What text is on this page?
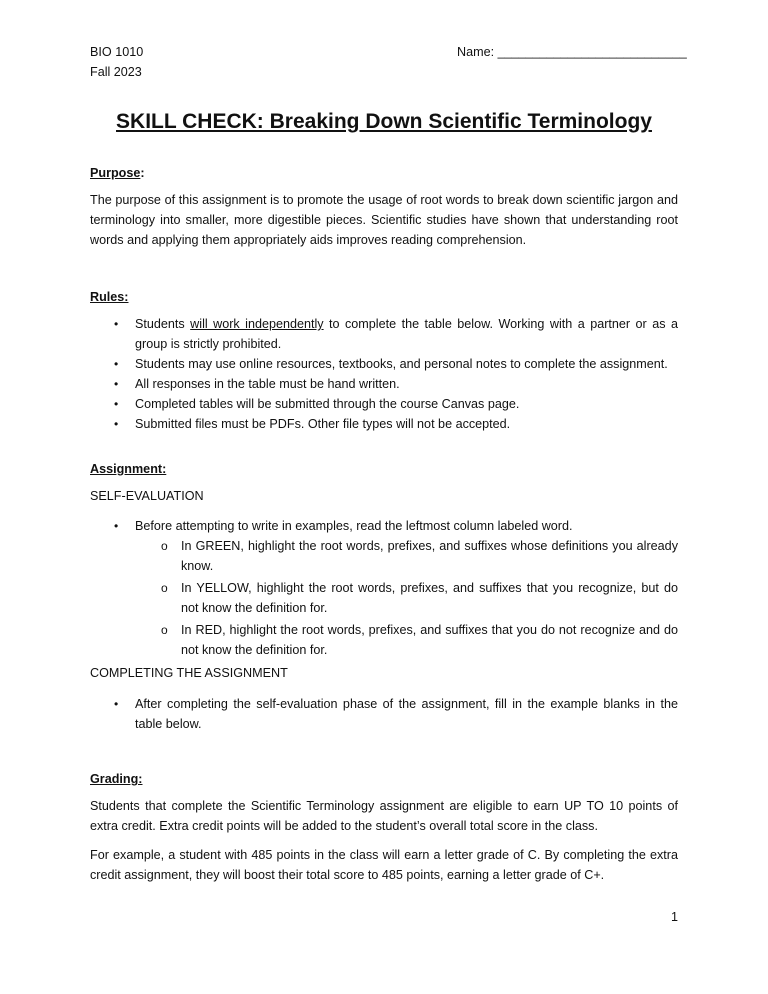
BIO 1010
Fall 2023
Name: ___________________________
SKILL CHECK: Breaking Down Scientific Terminology
Purpose:
The purpose of this assignment is to promote the usage of root words to break down scientific jargon and terminology into smaller, more digestible pieces. Scientific studies have shown that understanding root words and applying them appropriately aids improves reading comprehension.
Rules:
• Students will work independently to complete the table below. Working with a partner or as a group is strictly prohibited.
• Students may use online resources, textbooks, and personal notes to complete the assignment.
• All responses in the table must be hand written.
• Completed tables will be submitted through the course Canvas page.
• Submitted files must be PDFs. Other file types will not be accepted.
Assignment:
SELF-EVALUATION
• Before attempting to write in examples, read the leftmost column labeled word.
o In GREEN, highlight the root words, prefixes, and suffixes whose definitions you already know.
o In YELLOW, highlight the root words, prefixes, and suffixes that you recognize, but do not know the definition for.
o In RED, highlight the root words, prefixes, and suffixes that you do not recognize and do not know the definition for.
COMPLETING THE ASSIGNMENT
• After completing the self-evaluation phase of the assignment, fill in the example blanks in the table below.
Grading:
Students that complete the Scientific Terminology assignment are eligible to earn UP TO 10 points of extra credit. Extra credit points will be added to the student’s overall total score in the class.
For example, a student with 485 points in the class will earn a letter grade of C. By completing the extra credit assignment, they will boost their total score to 485 points, earning a letter grade of C+.
1
